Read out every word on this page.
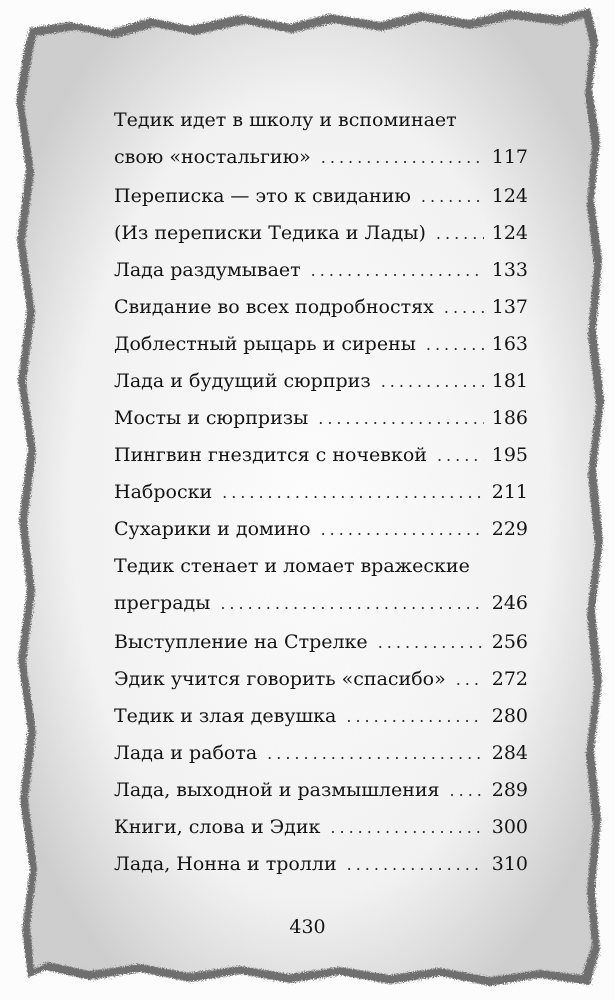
Тедик идет в школу и вспоминает
свою «ностальгию» .....	117
Переписка — это к свиданию .....	124
(Из переписки Тедика и Лады) .....	124
Лада раздумывает .....	133
Свидание во всех подробностях .....	137
Доблестный рыцарь и сирены .....	163
Лада и будущий сюрприз .....	181
Мосты и сюрпризы .....	186
Пингвин гнездится с ночевкой .....	195
Наброски .....	211
Сухарики и домино .....	229
Тедик стенает и ломает вражеские
преграды .....	246
Выступление на Стрелке .....	256
Эдик учится говорить «спасибо» ..... 272
Тедик и злая девушка .....	280
Лада и работа .....	284
Лада, выходной и размышления .....	289
Книги, слова и Эдик .....	300
Лада, Нонна и тролли .....	310
430
